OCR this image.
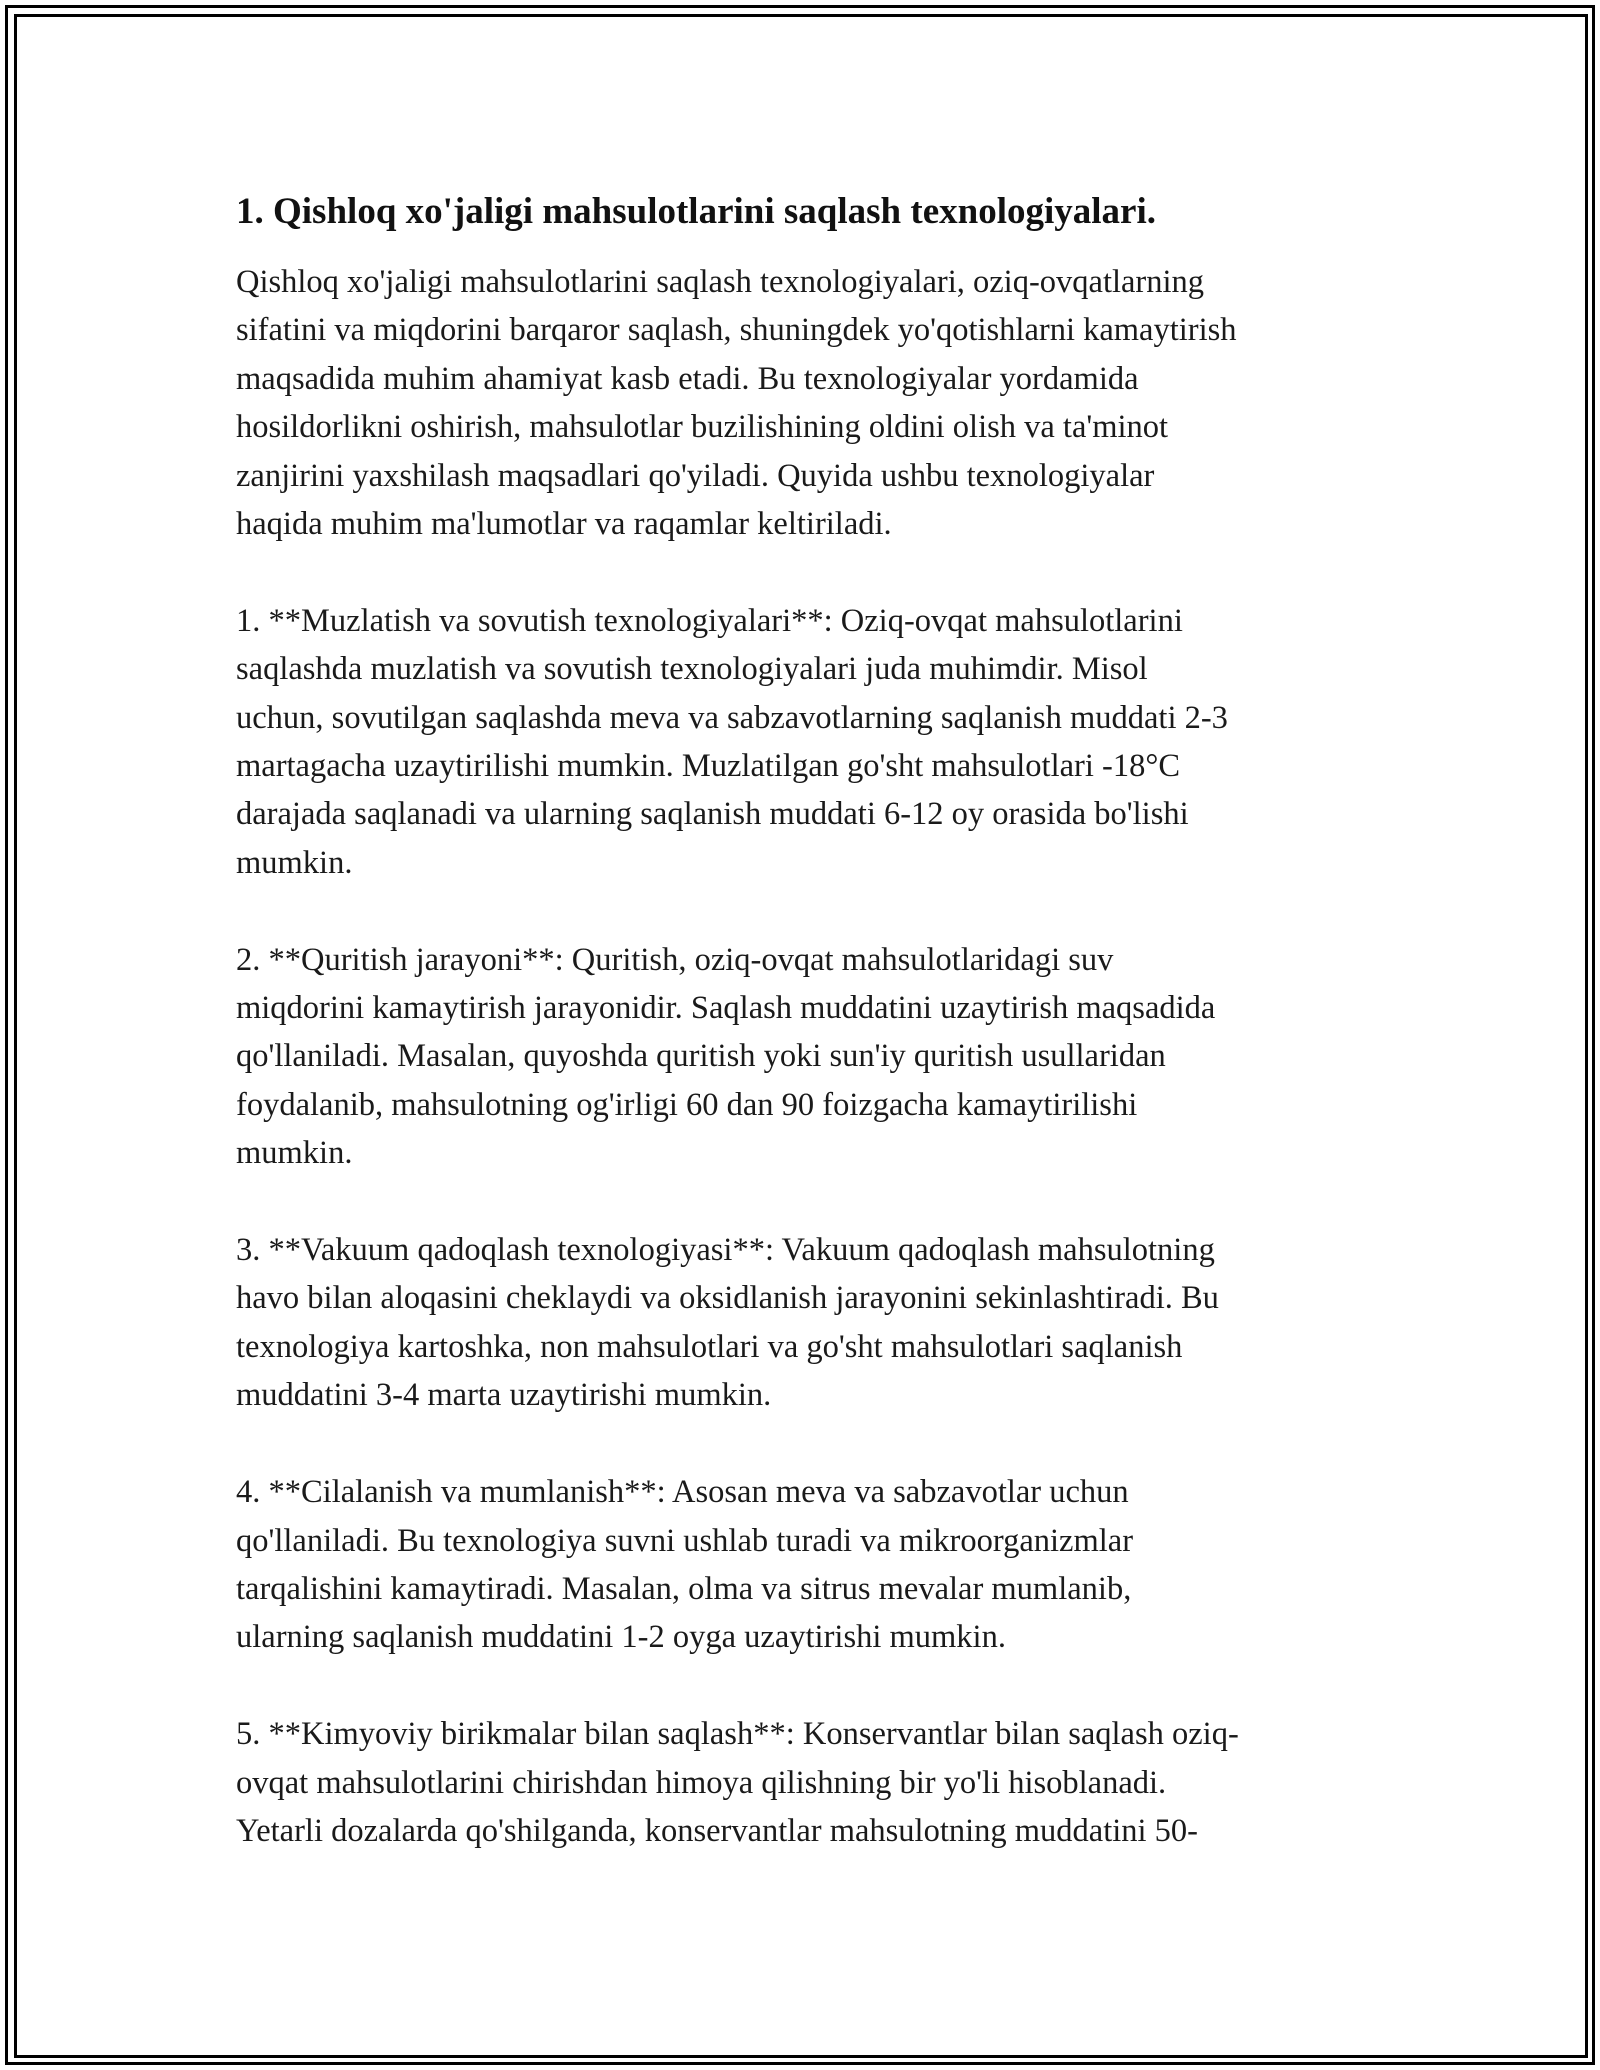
1. Qishloq xo'jaligi mahsulotlarini saqlash texnologiyalari.

Qishloq xo'jaligi mahsulotlarini saqlash texnologiyalari, oziq-ovqatlarning
sifatini va miqdorini barqaror saqlash, shuningdek yo'qotishlarni kamaytirish
maqsadida muhim ahamiyat kasb etadi. Bu texnologiyalar yordamida
hosildorlikni oshirish, mahsulotlar buzilishining oldini olish va ta'minot
zanjirini yaxshilash maqsadlari qo'yiladi. Quyida ushbu texnologiyalar
haqida muhim ma'lumotlar va raqamlar keltiriladi.

1. **Muzlatish va sovutish texnologiyalari**: Oziq-ovqat mahsulotlarini
saqlashda muzlatish va sovutish texnologiyalari juda muhimdir. Misol
uchun, sovutilgan saqlashda meva va sabzavotlarning saqlanish muddati 2-3
martagacha uzaytirilishi mumkin. Muzlatilgan go'sht mahsulotlari -18°C
darajada saqlanadi va ularning saqlanish muddati 6-12 oy orasida bo'lishi
mumkin.

2. **Quritish jarayoni**: Quritish, oziq-ovqat mahsulotlaridagi suv
miqdorini kamaytirish jarayonidir. Saqlash muddatini uzaytirish maqsadida
qo'llaniladi. Masalan, quyoshda quritish yoki sun'iy quritish usullaridan
foydalanib, mahsulotning og'irligi 60 dan 90 foizgacha kamaytirilishi
mumkin.

3. **Vakuum qadoqlash texnologiyasi**: Vakuum qadoqlash mahsulotning
havo bilan aloqasini cheklaydi va oksidlanish jarayonini sekinlashtiradi. Bu
texnologiya kartoshka, non mahsulotlari va go'sht mahsulotlari saqlanish
muddatini 3-4 marta uzaytirishi mumkin.

4. **Cilalanish va mumlanish**: Asosan meva va sabzavotlar uchun
qo'llaniladi. Bu texnologiya suvni ushlab turadi va mikroorganizmlar
tarqalishini kamaytiradi. Masalan, olma va sitrus mevalar mumlanib,
ularning saqlanish muddatini 1-2 oyga uzaytirishi mumkin.

5. **Kimyoviy birikmalar bilan saqlash**: Konservantlar bilan saqlash oziq-
ovqat mahsulotlarini chirishdan himoya qilishning bir yo'li hisoblanadi.
Yetarli dozalarda qo'shilganda, konservantlar mahsulotning muddatini 50-
